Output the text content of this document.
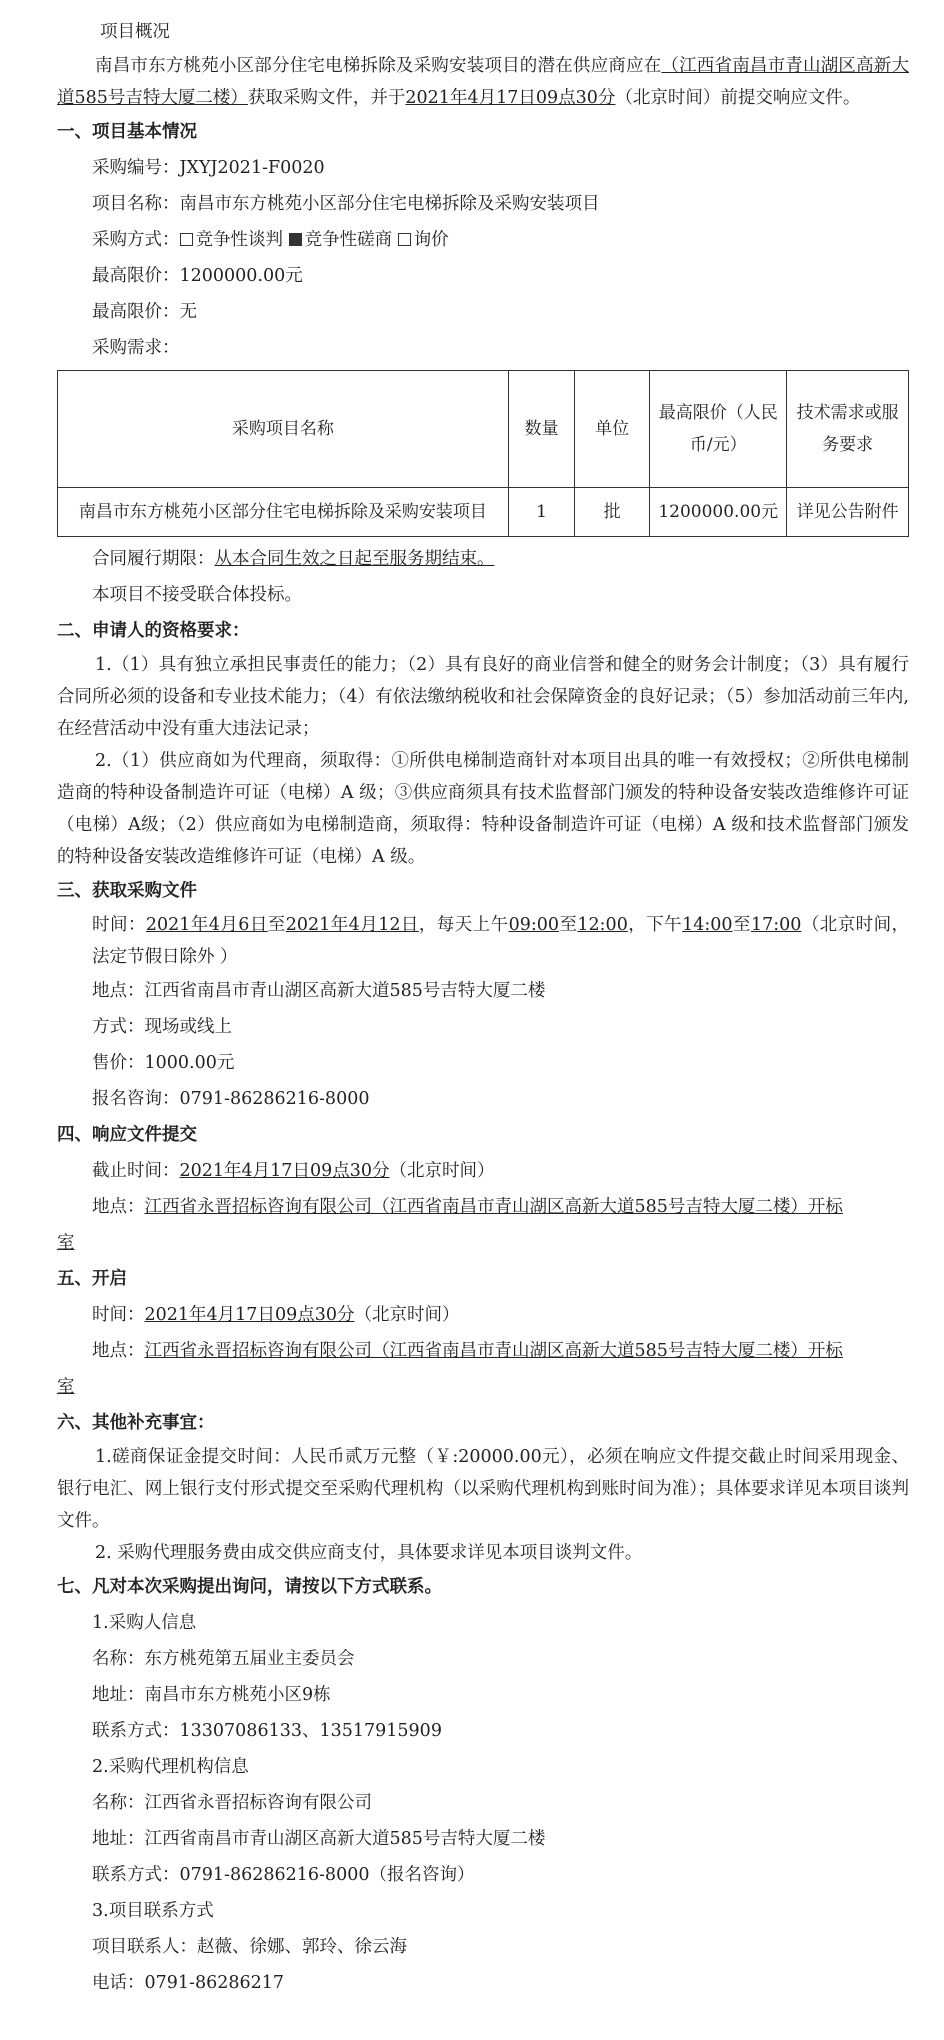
项目概况
南昌市东方桃苑小区部分住宅电梯拆除及采购安装项目的潜在供应商应在（江西省南昌市青山湖区高新大道585号吉特大厦二楼）获取采购文件，并于2021年4月17日09点30分（北京时间）前提交响应文件。
一、项目基本情况
采购编号：JXYJ2021-F0020
项目名称：南昌市东方桃苑小区部分住宅电梯拆除及采购安装项目
采购方式： 竞争性谈判 竞争性磋商 询价
最高限价：1200000.00元
最高限价：无
采购需求：
采购项目名称	数量	单位	最高限价（人民币/元）	技术需求或服务要求
南昌市东方桃苑小区部分住宅电梯拆除及采购安装项目	1	批	1200000.00元	详见公告附件
合同履行期限：从本合同生效之日起至服务期结束。
本项目不接受联合体投标。
二、申请人的资格要求：
1.（1）具有独立承担民事责任的能力；（2）具有良好的商业信誉和健全的财务会计制度；（3）具有履行合同所必须的设备和专业技术能力；（4）有依法缴纳税收和社会保障资金的良好记录；（5）参加活动前三年内,在经营活动中没有重大违法记录；
2.（1）供应商如为代理商，须取得：①所供电梯制造商针对本项目出具的唯一有效授权；②所供电梯制造商的特种设备制造许可证（电梯）A 级；③供应商须具有技术监督部门颁发的特种设备安装改造维修许可证（电梯）A级；（2）供应商如为电梯制造商，须取得：特种设备制造许可证（电梯）A 级和技术监督部门颁发的特种设备安装改造维修许可证（电梯）A 级。
三、获取采购文件
时间：2021年4月6日至2021年4月12日，每天上午09:00至12:00，下午14:00至17:00（北京时间，法定节假日除外 ）
地点：江西省南昌市青山湖区高新大道585号吉特大厦二楼
方式：现场或线上
售价：1000.00元
报名咨询：0791-86286216-8000
四、响应文件提交
截止时间：2021年4月17日09点30分（北京时间）
地点：江西省永晋招标咨询有限公司（江西省南昌市青山湖区高新大道585号吉特大厦二楼）开标
室
五、开启
时间：2021年4月17日09点30分（北京时间）
地点：江西省永晋招标咨询有限公司（江西省南昌市青山湖区高新大道585号吉特大厦二楼）开标
室
六、其他补充事宜：
1.磋商保证金提交时间：人民币贰万元整（￥:20000.00元），必须在响应文件提交截止时间采用现金、银行电汇、网上银行支付形式提交至采购代理机构（以采购代理机构到账时间为准）；具体要求详见本项目谈判文件。
2. 采购代理服务费由成交供应商支付，具体要求详见本项目谈判文件。
七、凡对本次采购提出询问，请按以下方式联系。
1.采购人信息
名称：东方桃苑第五届业主委员会
地址：南昌市东方桃苑小区9栋
联系方式：13307086133、13517915909
2.采购代理机构信息
名称：江西省永晋招标咨询有限公司
地址：江西省南昌市青山湖区高新大道585号吉特大厦二楼
联系方式：0791-86286216-8000（报名咨询）
3.项目联系方式
项目联系人：赵薇、徐娜、郭玲、徐云海
电话：0791-86286217
